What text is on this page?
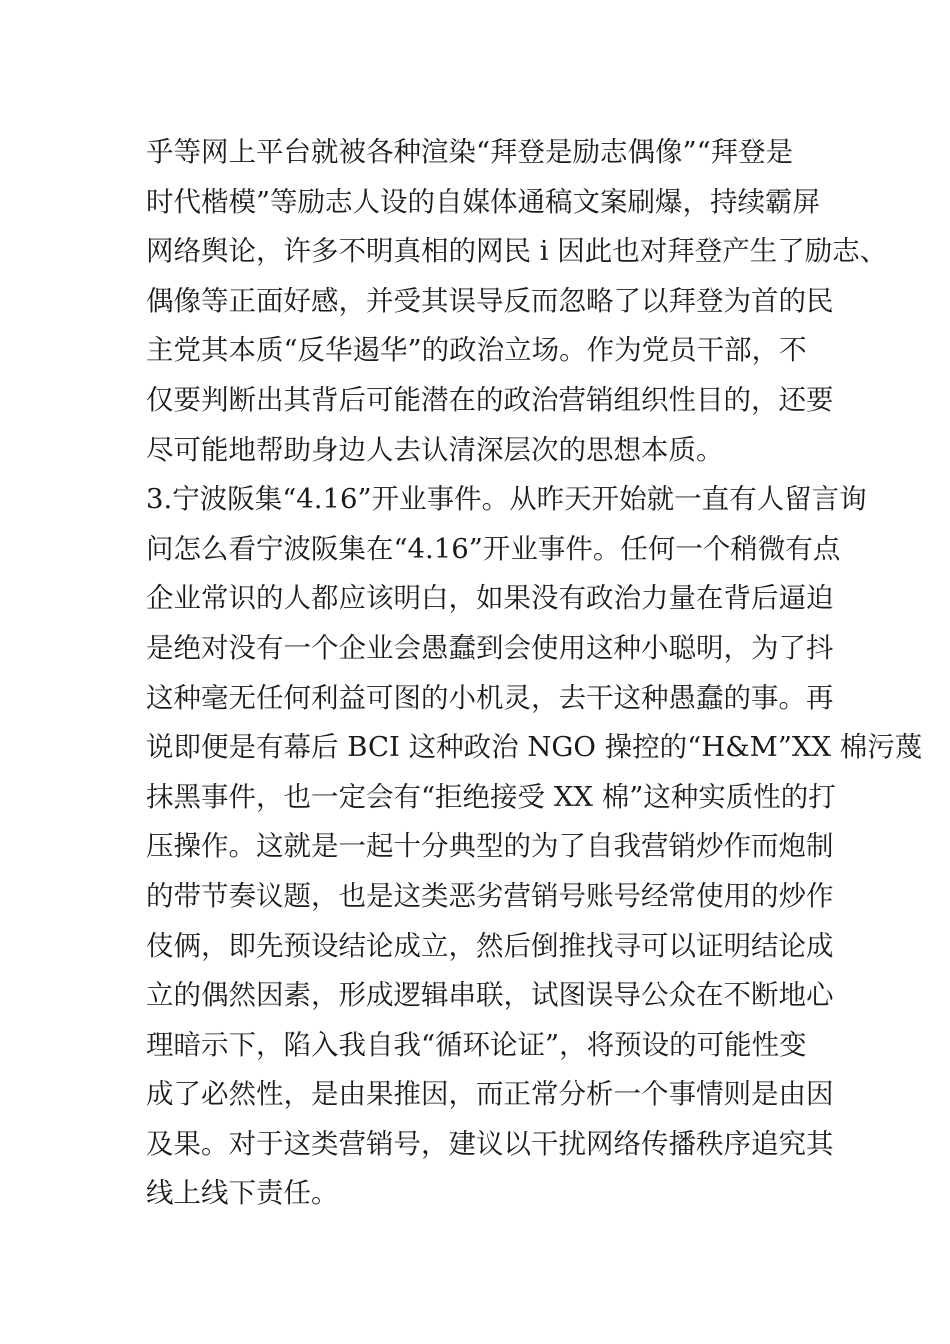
乎等网上平台就被各种渲染“拜登是励志偶像”“拜登是
时代楷模”等励志人设的自媒体通稿文案刷爆，持续霸屏
网络舆论，许多不明真相的网民 i 因此也对拜登产生了励志、
偶像等正面好感，并受其误导反而忽略了以拜登为首的民
主党其本质“反华遏华”的政治立场。作为党员干部，不
仅要判断出其背后可能潜在的政治营销组织性目的，还要
尽可能地帮助身边人去认清深层次的思想本质。
3.宁波阪集“4.16”开业事件。从昨天开始就一直有人留言询
问怎么看宁波阪集在“4.16”开业事件。任何一个稍微有点
企业常识的人都应该明白，如果没有政治力量在背后逼迫
是绝对没有一个企业会愚蠢到会使用这种小聪明，为了抖
这种毫无任何利益可图的小机灵，去干这种愚蠢的事。再
说即便是有幕后 BCI 这种政治 NGO 操控的“H&M”XX 棉污蔑
抹黑事件，也一定会有“拒绝接受 XX 棉”这种实质性的打
压操作。这就是一起十分典型的为了自我营销炒作而炮制
的带节奏议题，也是这类恶劣营销号账号经常使用的炒作
伎俩，即先预设结论成立，然后倒推找寻可以证明结论成
立的偶然因素，形成逻辑串联，试图误导公众在不断地心
理暗示下，陷入我自我“循环论证”，将预设的可能性变
成了必然性，是由果推因，而正常分析一个事情则是由因
及果。对于这类营销号，建议以干扰网络传播秩序追究其
线上线下责任。
